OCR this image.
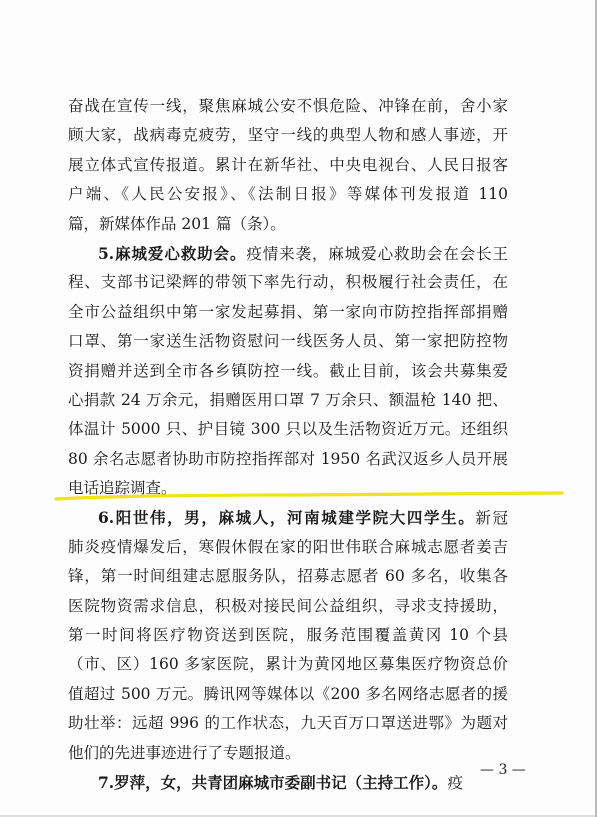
奋战在宣传一线，聚焦麻城公安不惧危险、冲锋在前，舍小家
顾大家，战病毒克疲劳，坚守一线的典型人物和感人事迹，开
展立体式宣传报道。累计在新华社、中央电视台、人民日报客
户端、《人民公安报》、《法制日报》等媒体刊发报道 110
篇，新媒体作品 201 篇（条）。
5.麻城爱心救助会。疫情来袭，麻城爱心救助会在会长王
程、支部书记梁辉的带领下率先行动，积极履行社会责任，在
全市公益组织中第一家发起募捐、第一家向市防控指挥部捐赠
口罩、第一家送生活物资慰问一线医务人员、第一家把防控物
资捐赠并送到全市各乡镇防控一线。截止目前，该会共募集爱
心捐款 24 万余元，捐赠医用口罩 7 万余只、额温枪 140 把、
体温计 5000 只、护目镜 300 只以及生活物资近万元。还组织
80 余名志愿者协助市防控指挥部对 1950 名武汉返乡人员开展
电话追踪调查。
6.阳世伟，男，麻城人，河南城建学院大四学生。新冠
肺炎疫情爆发后，寒假休假在家的阳世伟联合麻城志愿者姜吉
锋，第一时间组建志愿服务队，招募志愿者 60 多名，收集各
医院物资需求信息，积极对接民间公益组织，寻求支持援助，
第一时间将医疗物资送到医院，服务范围覆盖黄冈 10 个县
（市、区）160 多家医院，累计为黄冈地区募集医疗物资总价
值超过 500 万元。腾讯网等媒体以《200 多名网络志愿者的援
助壮举：远超 996 的工作状态，九天百万口罩送进鄂》为题对
他们的先进事迹进行了专题报道。
7.罗萍，女，共青团麻城市委副书记（主持工作）。疫
— 3 —
